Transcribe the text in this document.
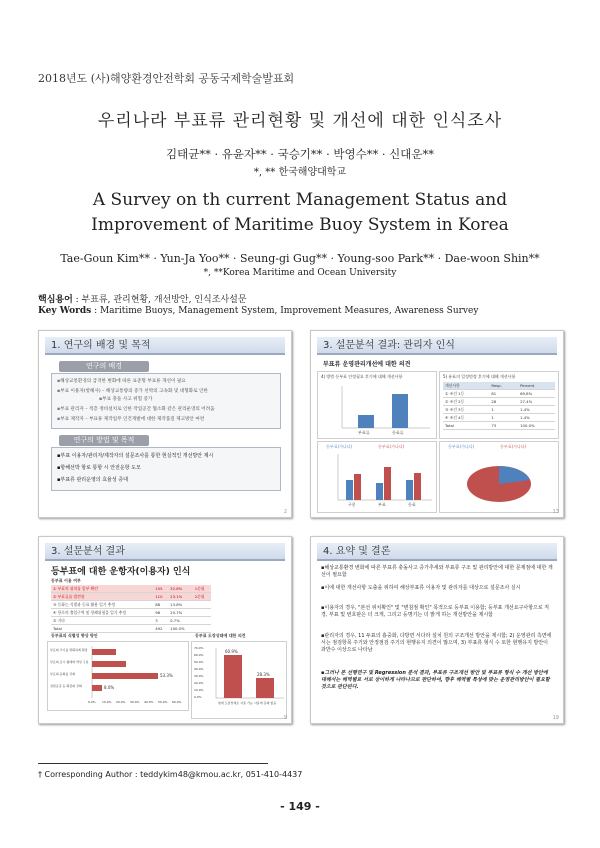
2018년도 (사)해양환경안전학회 공동국제학술발표회
우리나라 부표류 관리현황 및 개선에 대한 인식조사
김태균** · 유윤자** · 국승기** · 박영수** · 신대운**
*, ** 한국해양대학교
A Survey on th current Management Status and Improvement of Maritime Buoy System in Korea
Tae-Goun Kim** · Yun-Ja Yoo** · Seung-gi Gug** · Young-soo Park** · Dae-woon Shin**
*, **Korea Maritime and Ocean University
핵심용어 : 부표류, 관리현황, 개선방안, 인식조사설문
Key Words : Maritime Buoys, Management System, Improvement Measures, Awareness Survey
1. 연구의 배경 및 목적
연구의 배경
▪ 해상교통환경의 급격한 변화에 따른 표준형 부표류 개선이 필요
▪ 부표 이용자(항해사) – 해상교통량의 증가 선박의 고속화 및 대형화로 인한
▪ 부표 충돌 사고 위험 증가
▪ 부표 관리자 – 적층 정비설치로 인한 작업공간 협소화 같은 관리운영의 어려움
▪ 부표 제작자 – 부표류 제작업무 인건개발에 대한 제작품질 제고방안 마련
연구의 방법 및 목적
▪ 부표 이용자/관리자/제작자의 설문조사를 통한 현실적인 개선방안 제시
▪ 항해선박 항로 통항 시 안전운항 도모
▪ 부표류 관리운영의 효율성 증대
2
3. 설문분석 결과: 관리자 인식
부표류 운영관리개선에 대한 의견
4) 방범 등부표 안정필요 후기에 대해 개선사항
부표류	등표류
5) 유표의 일정범정 후기에 대해 개선사항
개선사항	Resp.	Percent
① 조건 1등	81	69.8%
② 조건 2등	28	27.4%
③ 조건 3등	1	1.4%
④ 조건 4등	1	1.4%
Total	73	100.0%
등부표(가나다)	등부표(가나다)
구분	부표	등표
등부표(가나다)	등부표(가나다)
13
3. 설문분석 결과
등부표에 대한 운항자(이용자) 인식
등부표 이용 여부
① 부표의 위치를 일부 확인	155	32.8%	1순위
② 부표류를 발견함	110	23.1%	2순위
③ 등화는 식별과 등표 활용 일기 추정	88	13.8%	
④ 항로의 출입구역 및 항해위험을 일기 추정	98	20.7%	
⑤ 기타	3	0.7%	
Total	492	100.0%	
등부표의 식별성 향상 방안
부표의 크기를 명확하게 확장
부표의 표시 형태와 색상 구분
부표의 등화를 강화
전원공급 등 확장의 강화
53.3%
8.0%
0.0% 10.0% 20.0% 30.0% 40.0% 50.0% 60.0%
등부표 도장상태에 대한 의견
60.9%
28.3%
70.0%
60.0%
50.0%
40.0%
30.0%
20.0%
10.0%
0.0%
현재 도장상태로 사용 가능 사용에 문제 없음
9
4. 요약 및 결론
▪ 해상교통환경 변화에 따른 부표류 충돌사고 증가추세와 부표류 구조 및 관리방안에 대한 문제점에 대한 개선이 필요함
▪ 이에 대한 개선사항 도출을 위하여 해상부표류 이용자 및 관리자를 대상으로 설문조사 실시
▪ 이용자의 경우, "본선 위치확인" 및 "변침점 확인" 목적으로 등부표 이용함; 등부표 개선요구사항으로 직경, 부표 및 번호판은 더 크게, 그리고 등명기는 더 밝게 하는 개선방안을 제시함
▪ 관리자의 경우, 11 두표의 흉중화, 다방면 서다라 설치 원의 구조개선 방안을 제시함; 2) 운영관리 측면에서는 점검항목 주기와 안정점검 주기의 현행유지 의견이 많으며, 3) 부표류 형식 수 또한 현행유지 방안이 과반수 이상으로 나타남
▪ 그러나 본 선행연구 및 Regression 분석 결과, 부표류 구조개선 방안 및 부표류 형식 수 개선 방안에 대해서는 해역별로 서로 상이하게 나타나므로 판단하여, 향후 해역별 특성에 맞는 운영관리방안이 필요할 것으로 판단된다.
19
† Corresponding Author : teddykim48@kmou.ac.kr, 051-410-4437
- 149 -
